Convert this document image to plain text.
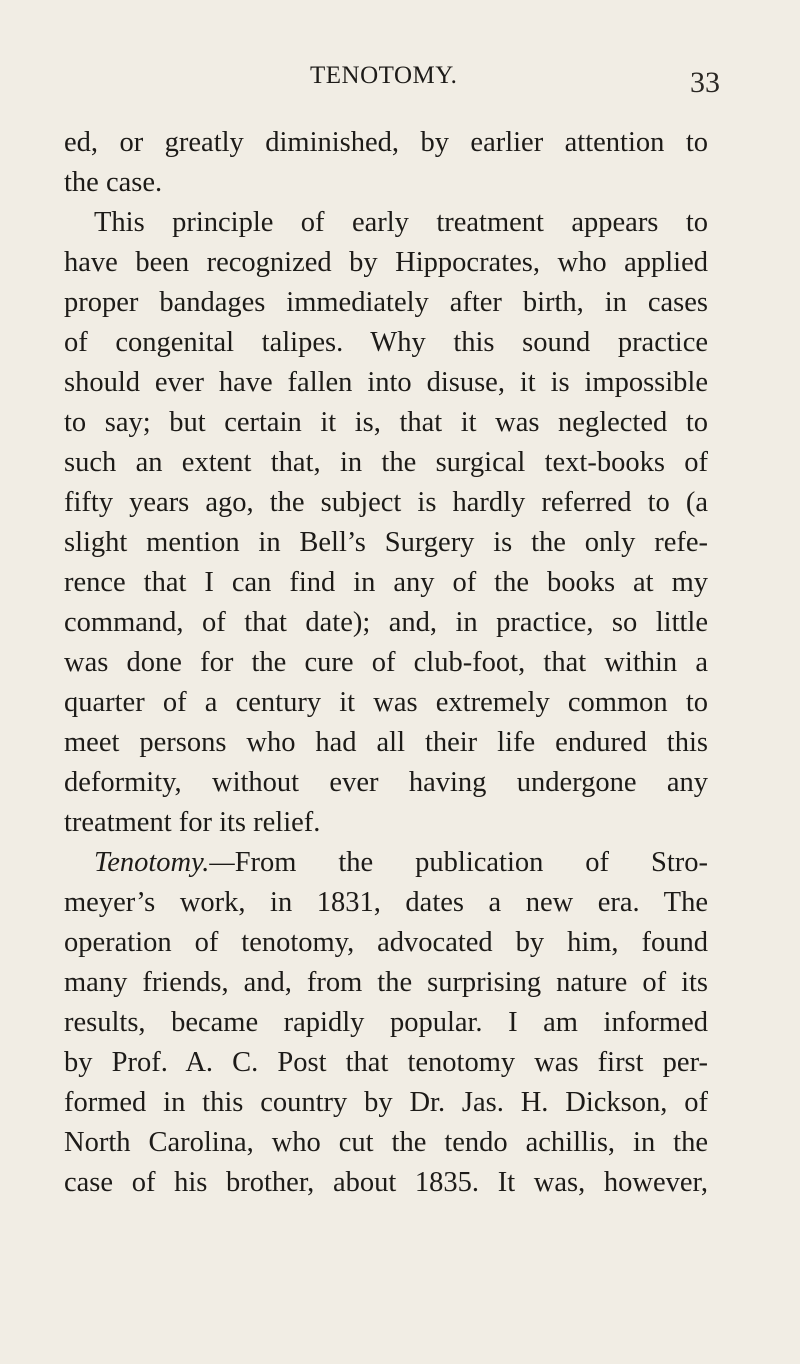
TENOTOMY.	33
ed, or greatly diminished, by earlier attention to
the case.
This principle of early treatment appears to
have been recognized by Hippocrates, who applied
proper bandages immediately after birth, in cases
of congenital talipes. Why this sound practice
should ever have fallen into disuse, it is impossible
to say; but certain it is, that it was neglected to
such an extent that, in the surgical text-books of
fifty years ago, the subject is hardly referred to (a
slight mention in Bell’s Surgery is the only refe-
rence that I can find in any of the books at my
command, of that date); and, in practice, so little
was done for the cure of club-foot, that within a
quarter of a century it was extremely common to
meet persons who had all their life endured this
deformity, without ever having undergone any
treatment for its relief.
Tenotomy.—From the publication of Stro-
meyer’s work, in 1831, dates a new era. The
operation of tenotomy, advocated by him, found
many friends, and, from the surprising nature of its
results, became rapidly popular. I am informed
by Prof. A. C. Post that tenotomy was first per-
formed in this country by Dr. Jas. H. Dickson, of
North Carolina, who cut the tendo achillis, in the
case of his brother, about 1835. It was, however,
